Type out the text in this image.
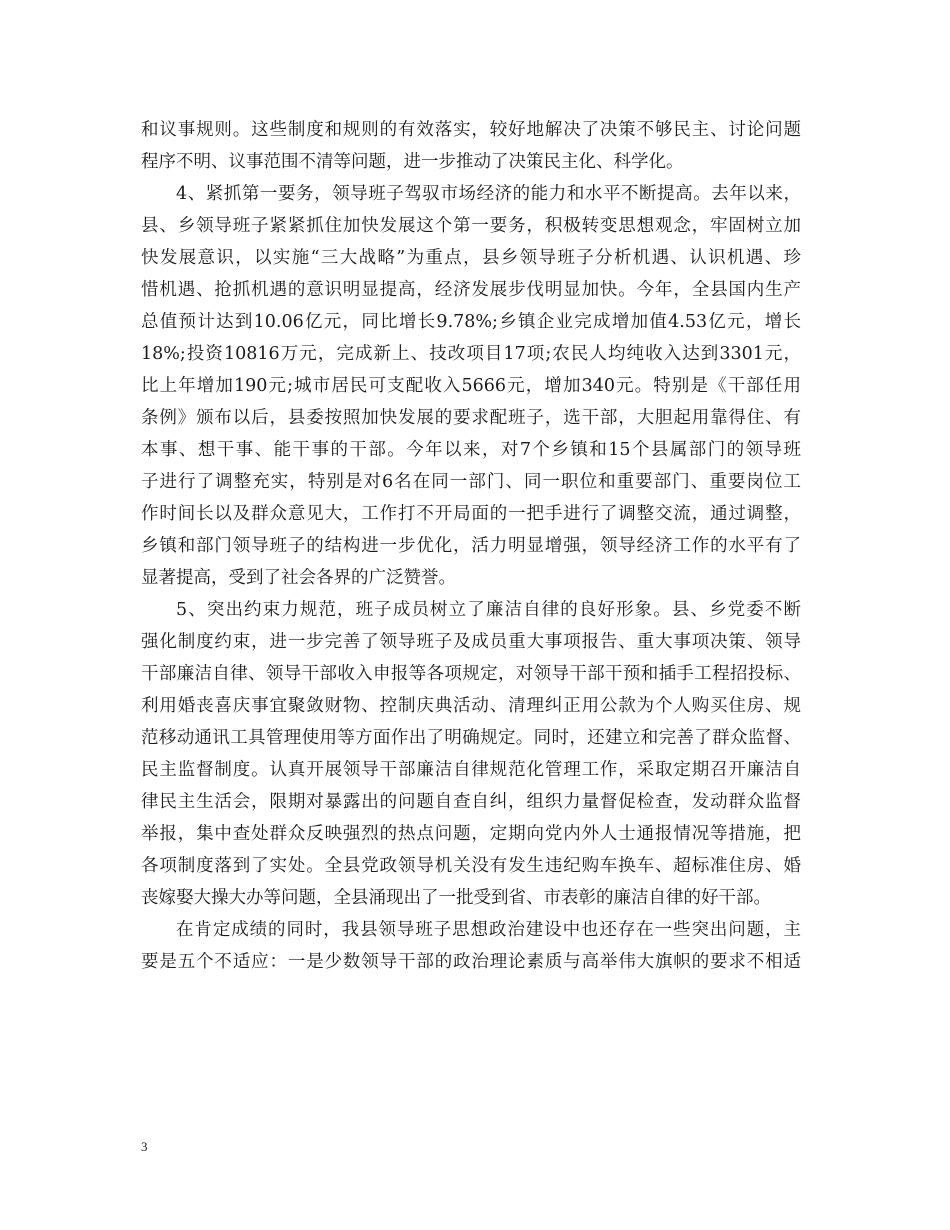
和议事规则。这些制度和规则的有效落实，较好地解决了决策不够民主、讨论问题
程序不明、议事范围不清等问题，进一步推动了决策民主化、科学化。
4、紧抓第一要务，领导班子驾驭市场经济的能力和水平不断提高。去年以来，
县、乡领导班子紧紧抓住加快发展这个第一要务，积极转变思想观念，牢固树立加
快发展意识，以实施“三大战略”为重点，县乡领导班子分析机遇、认识机遇、珍
惜机遇、抢抓机遇的意识明显提高，经济发展步伐明显加快。今年，全县国内生产
总值预计达到10.06亿元，同比增长9.78%;乡镇企业完成增加值4.53亿元，增长
18%;投资10816万元，完成新上、技改项目17项;农民人均纯收入达到3301元，
比上年增加190元;城市居民可支配收入5666元，增加340元。特别是《干部任用
条例》颁布以后，县委按照加快发展的要求配班子，选干部，大胆起用靠得住、有
本事、想干事、能干事的干部。今年以来，对7个乡镇和15个县属部门的领导班
子进行了调整充实，特别是对6名在同一部门、同一职位和重要部门、重要岗位工
作时间长以及群众意见大，工作打不开局面的一把手进行了调整交流，通过调整，
乡镇和部门领导班子的结构进一步优化，活力明显增强，领导经济工作的水平有了
显著提高，受到了社会各界的广泛赞誉。
5、突出约束力规范，班子成员树立了廉洁自律的良好形象。县、乡党委不断
强化制度约束，进一步完善了领导班子及成员重大事项报告、重大事项决策、领导
干部廉洁自律、领导干部收入申报等各项规定，对领导干部干预和插手工程招投标、
利用婚丧喜庆事宜聚敛财物、控制庆典活动、清理纠正用公款为个人购买住房、规
范移动通讯工具管理使用等方面作出了明确规定。同时，还建立和完善了群众监督、
民主监督制度。认真开展领导干部廉洁自律规范化管理工作，采取定期召开廉洁自
律民主生活会，限期对暴露出的问题自查自纠，组织力量督促检查，发动群众监督
举报，集中查处群众反映强烈的热点问题，定期向党内外人士通报情况等措施，把
各项制度落到了实处。全县党政领导机关没有发生违纪购车换车、超标准住房、婚
丧嫁娶大操大办等问题，全县涌现出了一批受到省、市表彰的廉洁自律的好干部。
在肯定成绩的同时，我县领导班子思想政治建设中也还存在一些突出问题，主
要是五个不适应：一是少数领导干部的政治理论素质与高举伟大旗帜的要求不相适
3
